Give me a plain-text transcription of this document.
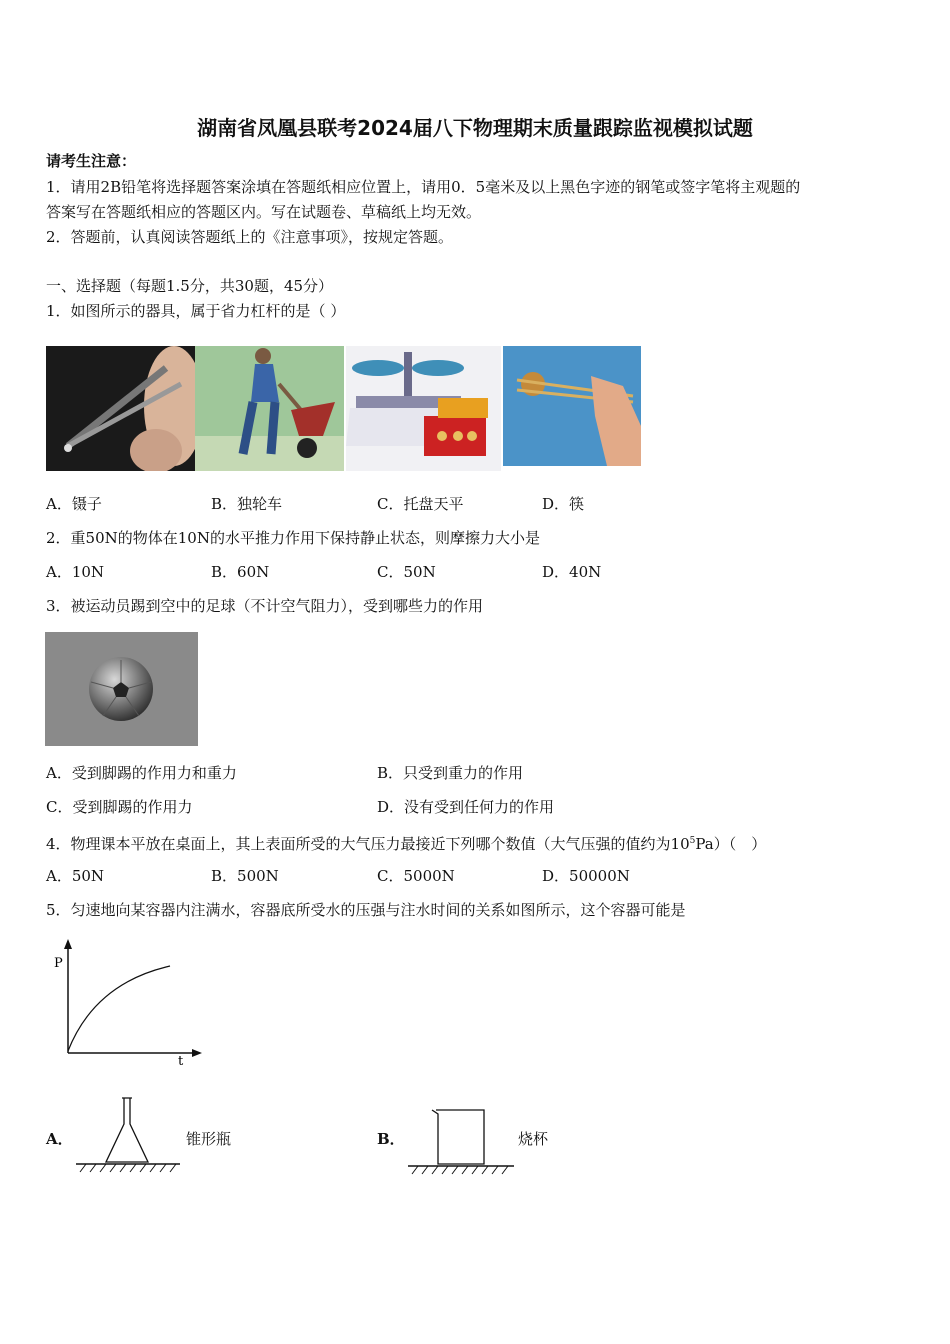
湖南省凤凰县联考2024届八下物理期末质量跟踪监视模拟试题
请考生注意：
1．请用2B铅笔将选择题答案涂填在答题纸相应位置上，请用0．5毫米及以上黑色字迹的钢笔或签字笔将主观题的
答案写在答题纸相应的答题区内。写在试题卷、草稿纸上均无效。
2．答题前，认真阅读答题纸上的《注意事项》，按规定答题。
一、选择题（每题1.5分，共30题，45分）
1．如图所示的器具，属于省力杠杆的是（ ）
A．镊子	B．独轮车	C．托盘天平	D．筷
2．重50N的物体在10N的水平推力作用下保持静止状态，则摩擦力大小是
A．10N	B．60N	C．50N	D．40N
3．被运动员踢到空中的足球（不计空气阻力），受到哪些力的作用
A．受到脚踢的作用力和重力	B．只受到重力的作用
C．受到脚踢的作用力	D．没有受到任何力的作用
4．物理课本平放在桌面上，其上表面所受的大气压力最接近下列哪个数值（大气压强的值约为$10^5Pa$）（　）
A．50N	B．500N	C．5000N	D．50000N
5．匀速地向某容器内注满水，容器底所受水的压强与注水时间的关系如图所示，这个容器可能是
P
t
A．	锥形瓶	B．	烧杯
